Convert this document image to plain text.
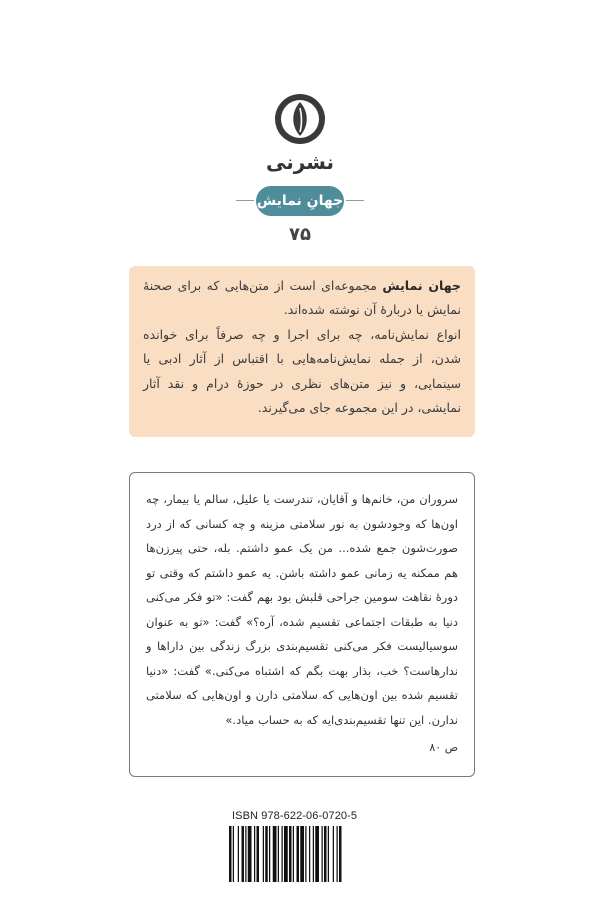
نشرنی
جهانِ نمایش
۷۵

جهان نمایش مجموعه‌ای است از متن‌هایی که برای صحنهٔ نمایش یا دربارهٔ آن نوشته شده‌اند.

انواع نمایش‌نامه، چه برای اجرا و چه صرفاً برای خوانده شدن، از جمله نمایش‌نامه‌هایی با اقتباس از آثار ادبی یا سینمایی، و نیز متن‌های نظری در حوزهٔ درام و نقد آثار نمایشی، در این مجموعه جای می‌گیرند.

سروران من، خانم‌ها و آقایان، تندرست یا علیل، سالم یا بیمار، چه اون‌ها که وجودشون به نور سلامتی مزینه و چه کسانی که از درد صورت‌شون جمع شده... من یک عمو داشتم. بله، حتی پیرزن‌ها هم ممکنه یه زمانی عمو داشته باشن. یه عمو داشتم که وقتی تو دورهٔ نقاهت سومین جراحی قلبش بود بهم گفت: «تو فکر می‌کنی دنیا به طبقات اجتماعی تقسیم شده، آره؟» گفت: «تو به عنوان سوسیالیست فکر می‌کنی تقسیم‌بندی بزرگ زندگی بین داراها و ندارهاست؟ خب، بذار بهت بگم که اشتباه می‌کنی.» گفت: «دنیا تقسیم شده بین اون‌هایی که سلامتی دارن و اون‌هایی که سلامتی ندارن. این تنها تقسیم‌بندی‌ایه که به حساب میاد.»

ص ۸۰
ISBN 978-622-06-0720-5
